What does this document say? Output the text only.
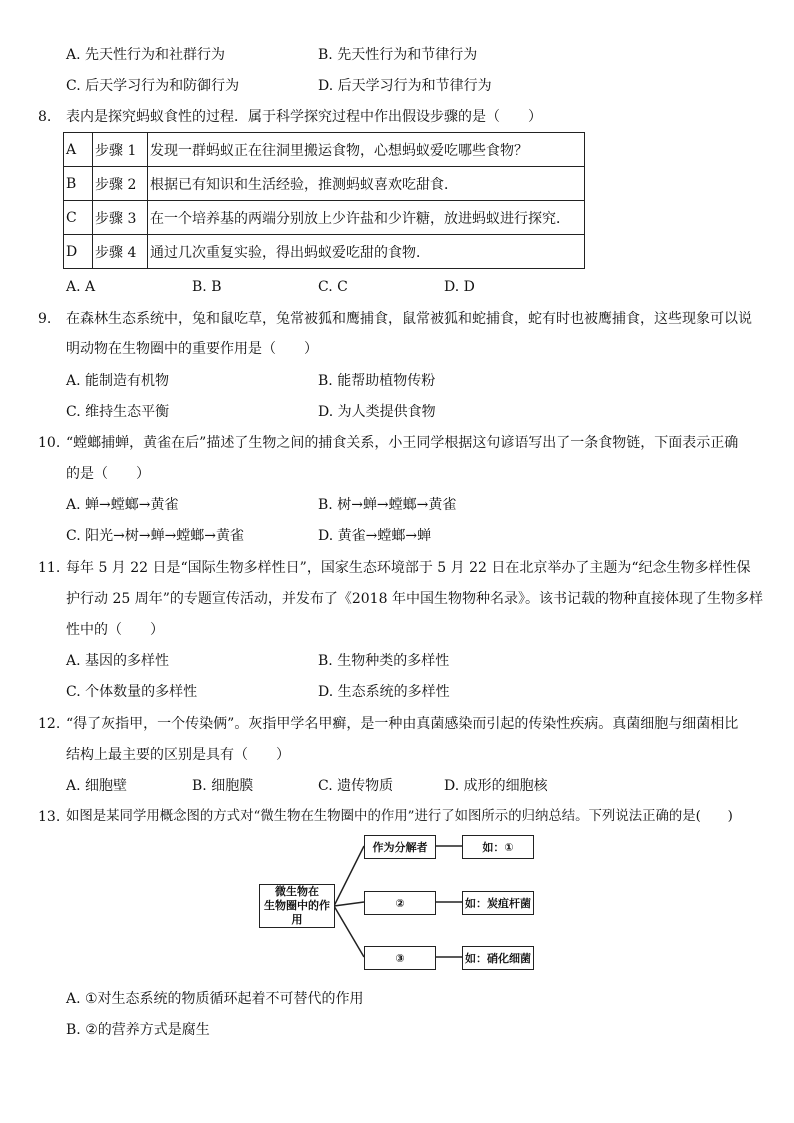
A. 先天性行为和社群行为	B. 先天性行为和节律行为
C. 后天学习行为和防御行为	D. 后天学习行为和节律行为
8. 表内是探究蚂蚁食性的过程．属于科学探究过程中作出假设步骤的是（　　）
A	步骤 1	发现一群蚂蚁正在往洞里搬运食物，心想蚂蚁爱吃哪些食物？
B	步骤 2	根据已有知识和生活经验，推测蚂蚁喜欢吃甜食．
C	步骤 3	在一个培养基的两端分别放上少许盐和少许糖，放进蚂蚁进行探究．
D	步骤 4	通过几次重复实验，得出蚂蚁爱吃甜的食物．
A. A	B. B	C. C	D. D
9. 在森林生态系统中，兔和鼠吃草，兔常被狐和鹰捕食，鼠常被狐和蛇捕食，蛇有时也被鹰捕食，这些现象可以说
明动物在生物圈中的重要作用是（　　）
A. 能制造有机物	B. 能帮助植物传粉
C. 维持生态平衡	D. 为人类提供食物
10. “螳螂捕蝉，黄雀在后”描述了生物之间的捕食关系，小王同学根据这句谚语写出了一条食物链，下面表示正确
的是（　　）
A. 蝉→螳螂→黄雀	B. 树→蝉→螳螂→黄雀
C. 阳光→树→蝉→螳螂→黄雀	D. 黄雀→螳螂→蝉
11. 每年 5 月 22 日是“国际生物多样性日”，国家生态环境部于 5 月 22 日在北京举办了主题为“纪念生物多样性保
护行动 25 周年”的专题宣传活动，并发布了《2018 年中国生物物种名录》。该书记载的物种直接体现了生物多样
性中的（　　）
A. 基因的多样性	B. 生物种类的多样性
C. 个体数量的多样性	D. 生态系统的多样性
12. “得了灰指甲，一个传染俩”。灰指甲学名甲癣，是一种由真菌感染而引起的传染性疾病。真菌细胞与细菌相比
结构上最主要的区别是具有（　　）
A. 细胞壁	B. 细胞膜	C. 遗传物质	D. 成形的细胞核
13. 如图是某同学用概念图的方式对“微生物在生物圈中的作用”进行了如图所示的归纳总结。下列说法正确的是(　　)
微生物在
生物圈中的作用
作为分解者
②
③
如：①
如：炭疽杆菌
如：硝化细菌
A. ①对生态系统的物质循环起着不可替代的作用
B. ②的营养方式是腐生
